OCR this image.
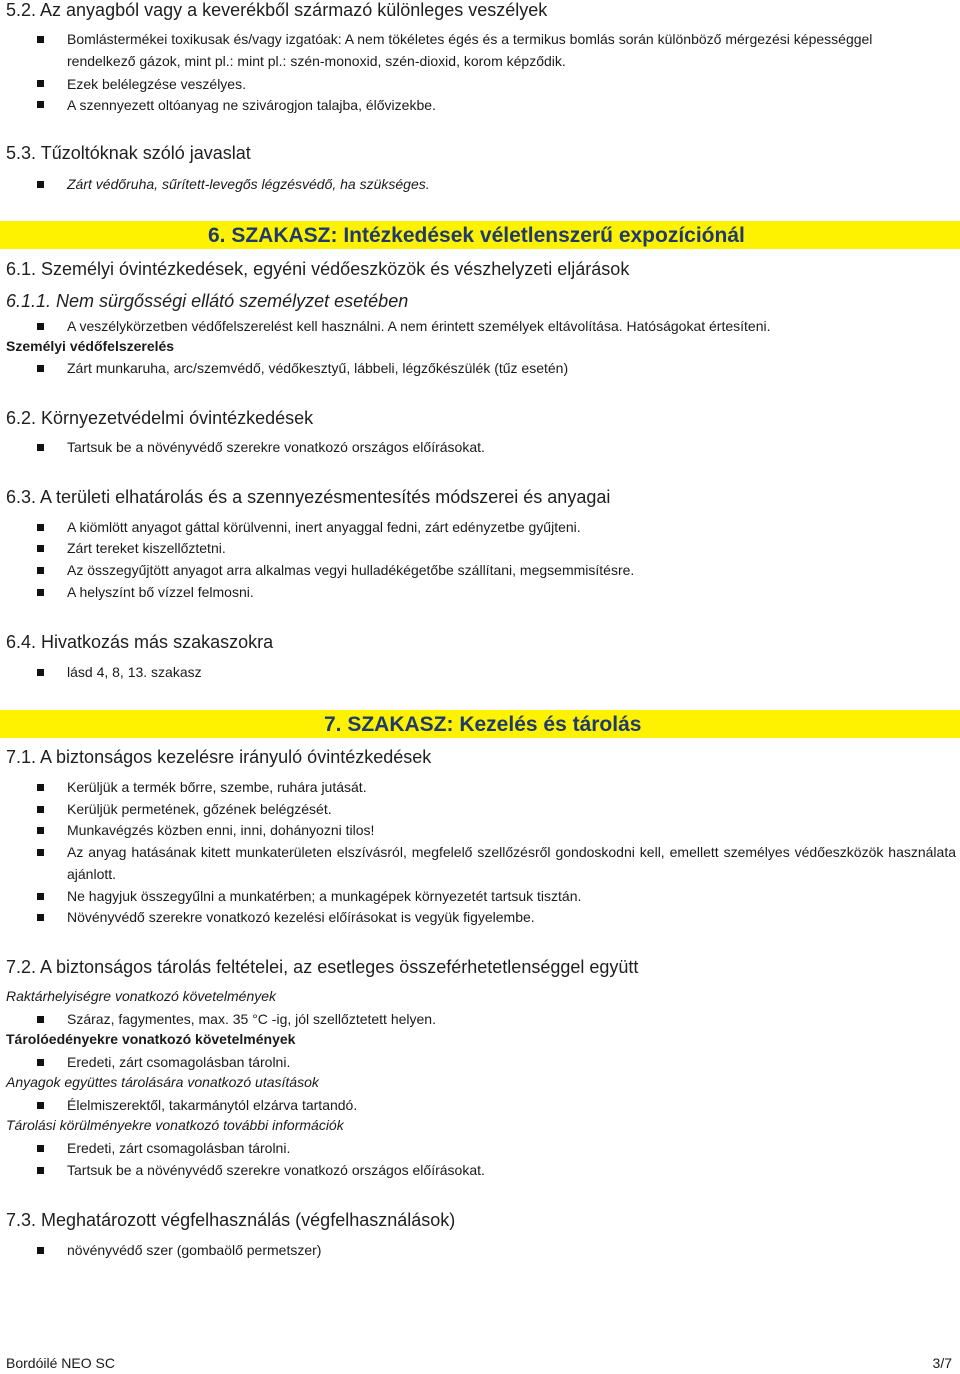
5.2. Az anyagból vagy a keverékből származó különleges veszélyek
Bomlástermékei toxikusak és/vagy izgatóak: A nem tökéletes égés és a termikus bomlás során különböző mérgezési képességgel rendelkező gázok, mint pl.: mint pl.: szén-monoxid, szén-dioxid, korom képződik.
Ezek belélegzése veszélyes.
A szennyezett oltóanyag ne szivárogjon talajba, élővizekbe.
5.3. Tűzoltóknak szóló javaslat
Zárt védőruha, sűrített-levegős légzésvédő, ha szükséges.
6. SZAKASZ: Intézkedések véletlenszerű expozíciónál
6.1. Személyi óvintézkedések, egyéni védőeszközök és vészhelyzeti eljárások
6.1.1. Nem sürgősségi ellátó személyzet esetében
A veszélykörzetben védőfelszerelést kell használni. A nem érintett személyek eltávolítása. Hatóságokat értesíteni.
Személyi védőfelszerelés
Zárt munkaruha, arc/szemvédő, védőkesztyű, lábbeli, légzőkészülék (tűz esetén)
6.2. Környezetvédelmi óvintézkedések
Tartsuk be a növényvédő szerekre vonatkozó országos előírásokat.
6.3. A területi elhatárolás és a szennyezésmentesítés módszerei és anyagai
A kiömlött anyagot gáttal körülvenni, inert anyaggal fedni, zárt edényzetbe gyűjteni.
Zárt tereket kiszellőztetni.
Az összegyűjtött anyagot arra alkalmas vegyi hulladékégetőbe szállítani, megsemmisítésre.
A helyszínt bő vízzel felmosni.
6.4. Hivatkozás más szakaszokra
lásd 4, 8, 13. szakasz
7. SZAKASZ: Kezelés és tárolás
7.1. A biztonságos kezelésre irányuló óvintézkedések
Kerüljük a termék bőrre, szembe, ruhára jutását.
Kerüljük permetének, gőzének belégzését.
Munkavégzés közben enni, inni, dohányozni tilos!
Az anyag hatásának kitett munkaterületen elszívásról, megfelelő szellőzésről gondoskodni kell, emellett személyes védőeszközök használata ajánlott.
Ne hagyjuk összegyűlni a munkatérben; a munkagépek környezetét tartsuk tisztán.
Növényvédő szerekre vonatkozó kezelési előírásokat is vegyük figyelembe.
7.2. A biztonságos tárolás feltételei, az esetleges összeférhetetlenséggel együtt
Raktárhelyiségre vonatkozó követelmények
Száraz, fagymentes, max. 35 °C -ig, jól szellőztetett helyen.
Tárolóedényekre vonatkozó követelmények
Eredeti, zárt csomagolásban tárolni.
Anyagok együttes tárolására vonatkozó utasítások
Élelmiszerektől, takarmánytól elzárva tartandó.
Tárolási körülményekre vonatkozó további információk
Eredeti, zárt csomagolásban tárolni.
Tartsuk be a növényvédő szerekre vonatkozó országos előírásokat.
7.3. Meghatározott végfelhasználás (végfelhasználások)
növényvédő szer (gombaölő permetszer)
Bordóilé NEO SC	3/7
